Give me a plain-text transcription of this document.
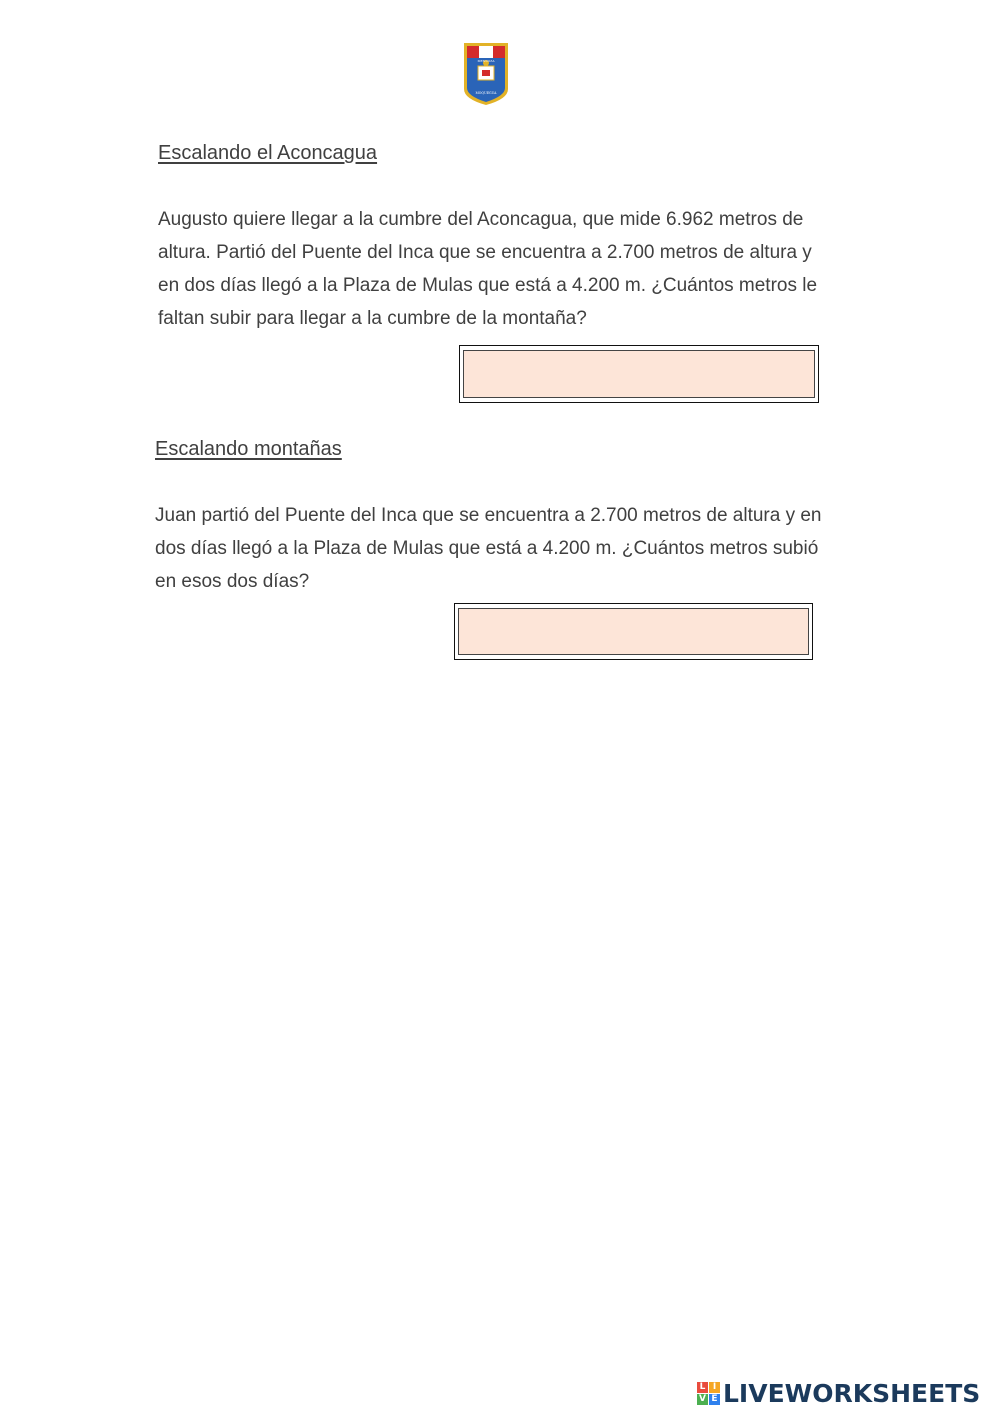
MENDOZA
MOQUEGUA
Escalando el Aconcagua
Augusto quiere llegar a la cumbre del Aconcagua, que mide 6.962 metros de
altura. Partió del Puente del Inca que se encuentra a 2.700 metros de altura y
en dos días llegó a la Plaza de Mulas que está a 4.200 m. ¿Cuántos metros le
faltan subir para llegar a la cumbre de la montaña?
Escalando montañas
Juan partió del Puente del Inca que se encuentra a 2.700 metros de altura y en
dos días llegó a la Plaza de Mulas que está a 4.200 m. ¿Cuántos metros subió
en esos dos días?
L I
V E LIVEWORKSHEETS
